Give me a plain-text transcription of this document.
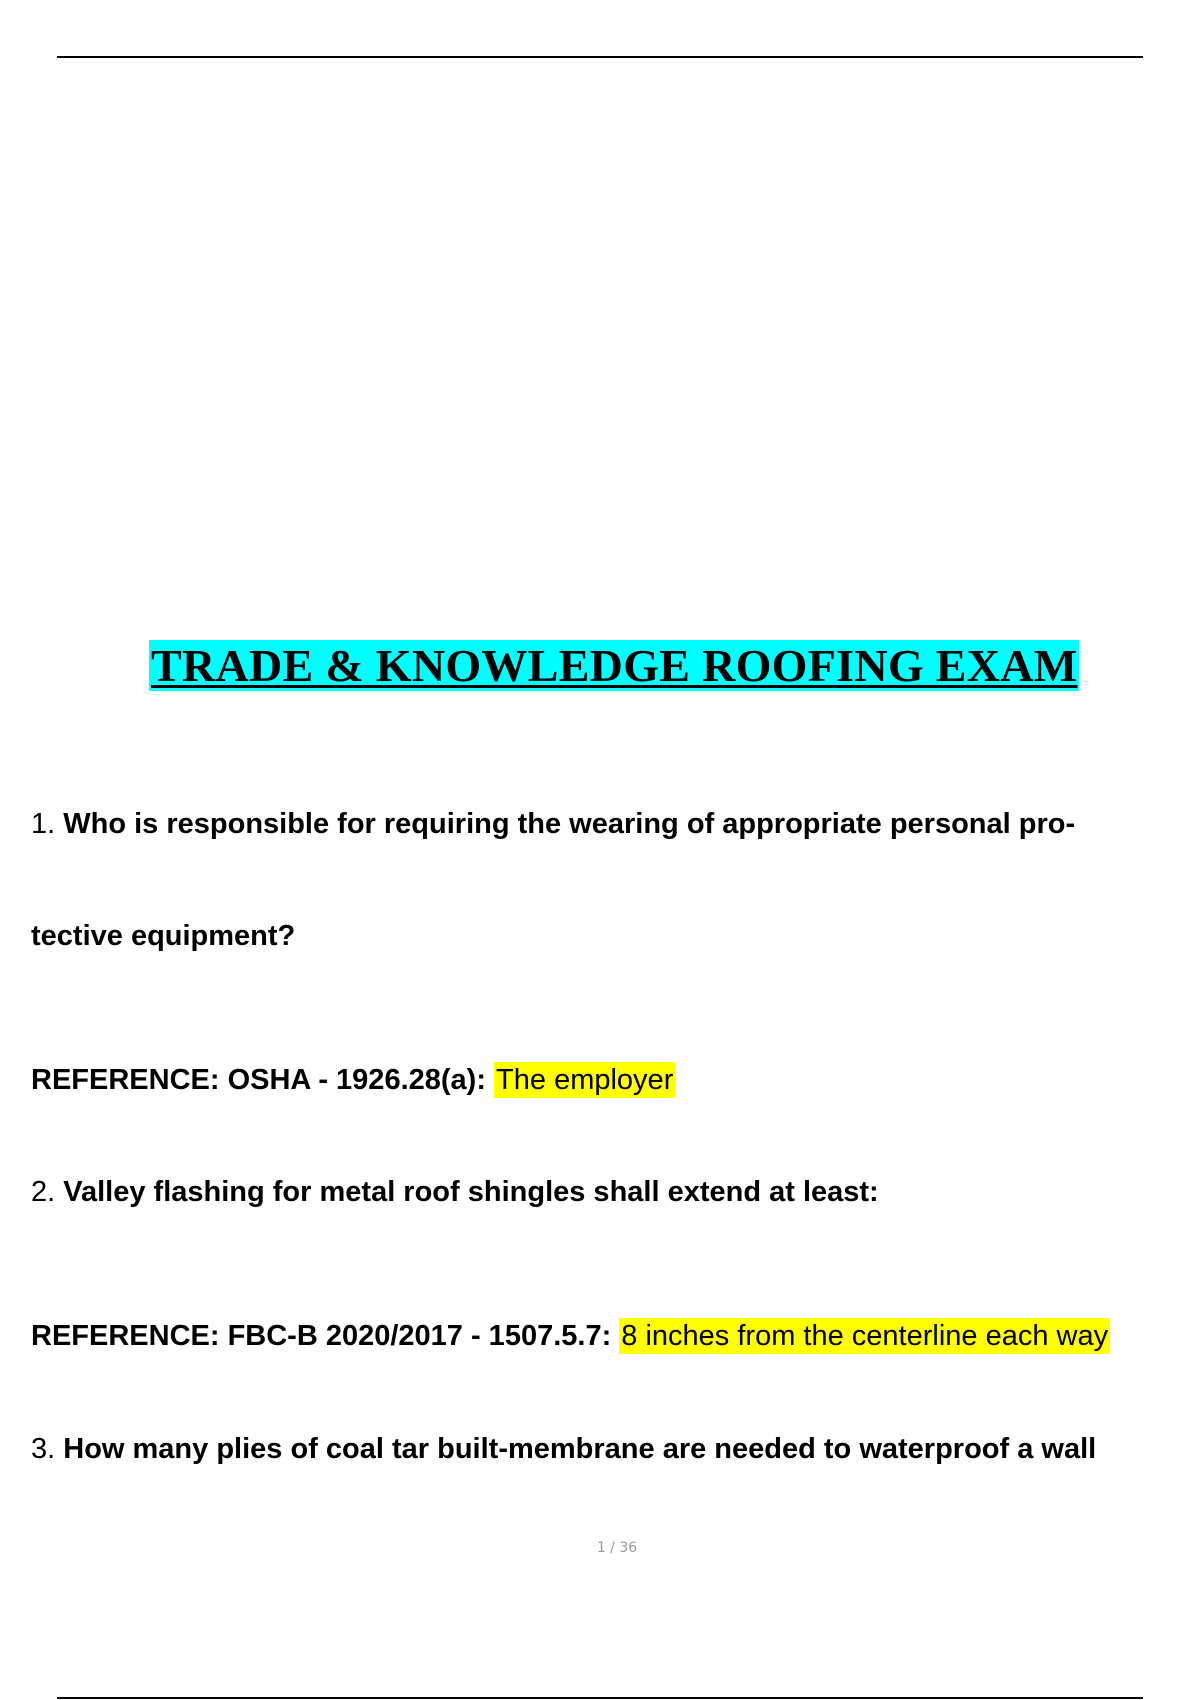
TRADE & KNOWLEDGE ROOFING EXAM
1. Who is responsible for requiring the wearing of appropriate personal pro-
tective equipment?
REFERENCE: OSHA - 1926.28(a): The employer
2. Valley flashing for metal roof shingles shall extend at least:
REFERENCE: FBC-B 2020/2017 - 1507.5.7: 8 inches from the centerline each way
3. How many plies of coal tar built-membrane are needed to waterproof a wall
1 / 36
